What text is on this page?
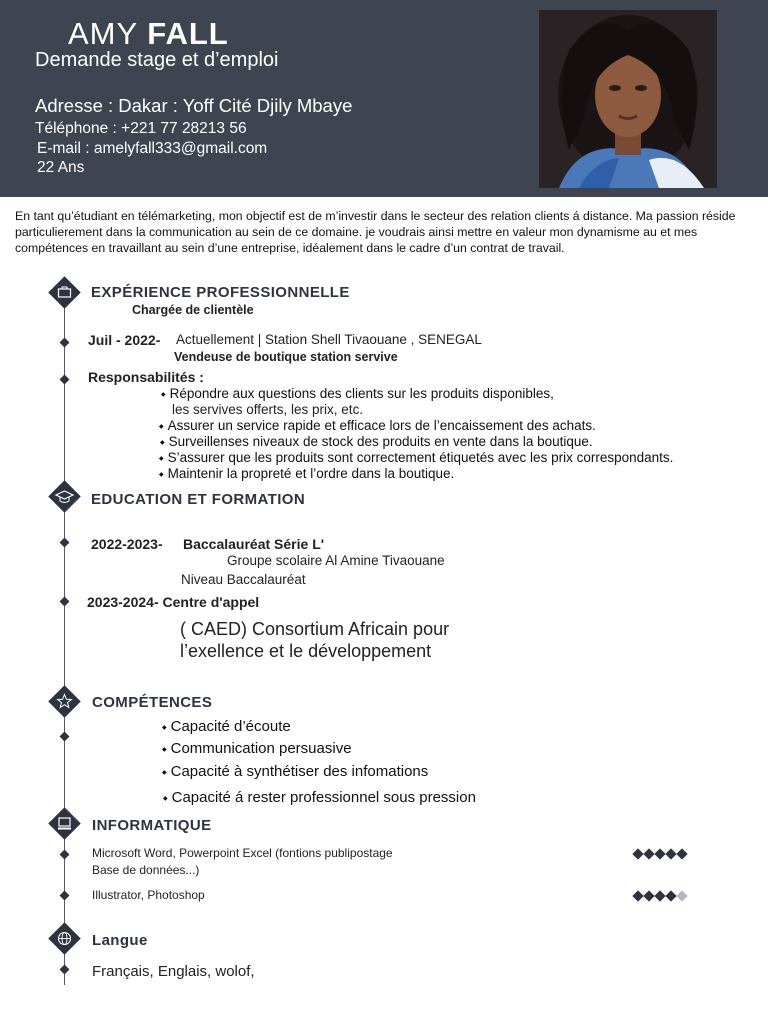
AMY FALL
Demande stage et d’emploi
Adresse : Dakar : Yoff Cité Djily Mbaye
Téléphone : +221 77 28213 56
E-mail : amelyfall333@gmail.com
22 Ans
En tant qu’étudiant en télémarketing, mon objectif est de m’investir dans le secteur des relation clients á distance. Ma passion réside particulierement dans la communication au sein de ce domaine. je voudrais ainsi mettre en valeur mon dynamisme au et mes compétences en travaillant au sein d’une entreprise, idéalement dans le cadre d’un contrat de travail.
EXPÉRIENCE PROFESSIONNELLE
Chargée de clientèle
Juil - 2022- Actuellement | Station Shell Tivaouane , SENEGAL
Vendeuse de boutique station servive
Responsabilités :
◆ Répondre aux questions des clients sur les produits disponibles,
les servives offerts, les prix, etc.
◆ Assurer un service rapide et efficace lors de l’encaissement des achats.
◆ Surveillenses niveaux de stock des produits en vente dans la boutique.
◆ S’assurer que les produits sont correctement étiquetés avec les prix correspondants.
◆ Maintenir la propreté et l’ordre dans la boutique.
EDUCATION ET FORMATION
2022-2023- Baccalauréat Série L'
Groupe scolaire Al Amine Tivaouane
Niveau Baccalauréat
2023-2024- Centre d'appel
( CAED) Consortium Africain pour
l’exellence et le développement
COMPÉTENCES
◆ Capacité d’écoute
◆ Communication persuasive
◆ Capacité à synthétiser des infomations
◆ Capacité á rester professionnel sous pression
INFORMATIQUE
Microsoft Word, Powerpoint Excel (fontions publipostage
Base de données...)
Illustrator, Photoshop
Langue
Français, Englais, wolof,
